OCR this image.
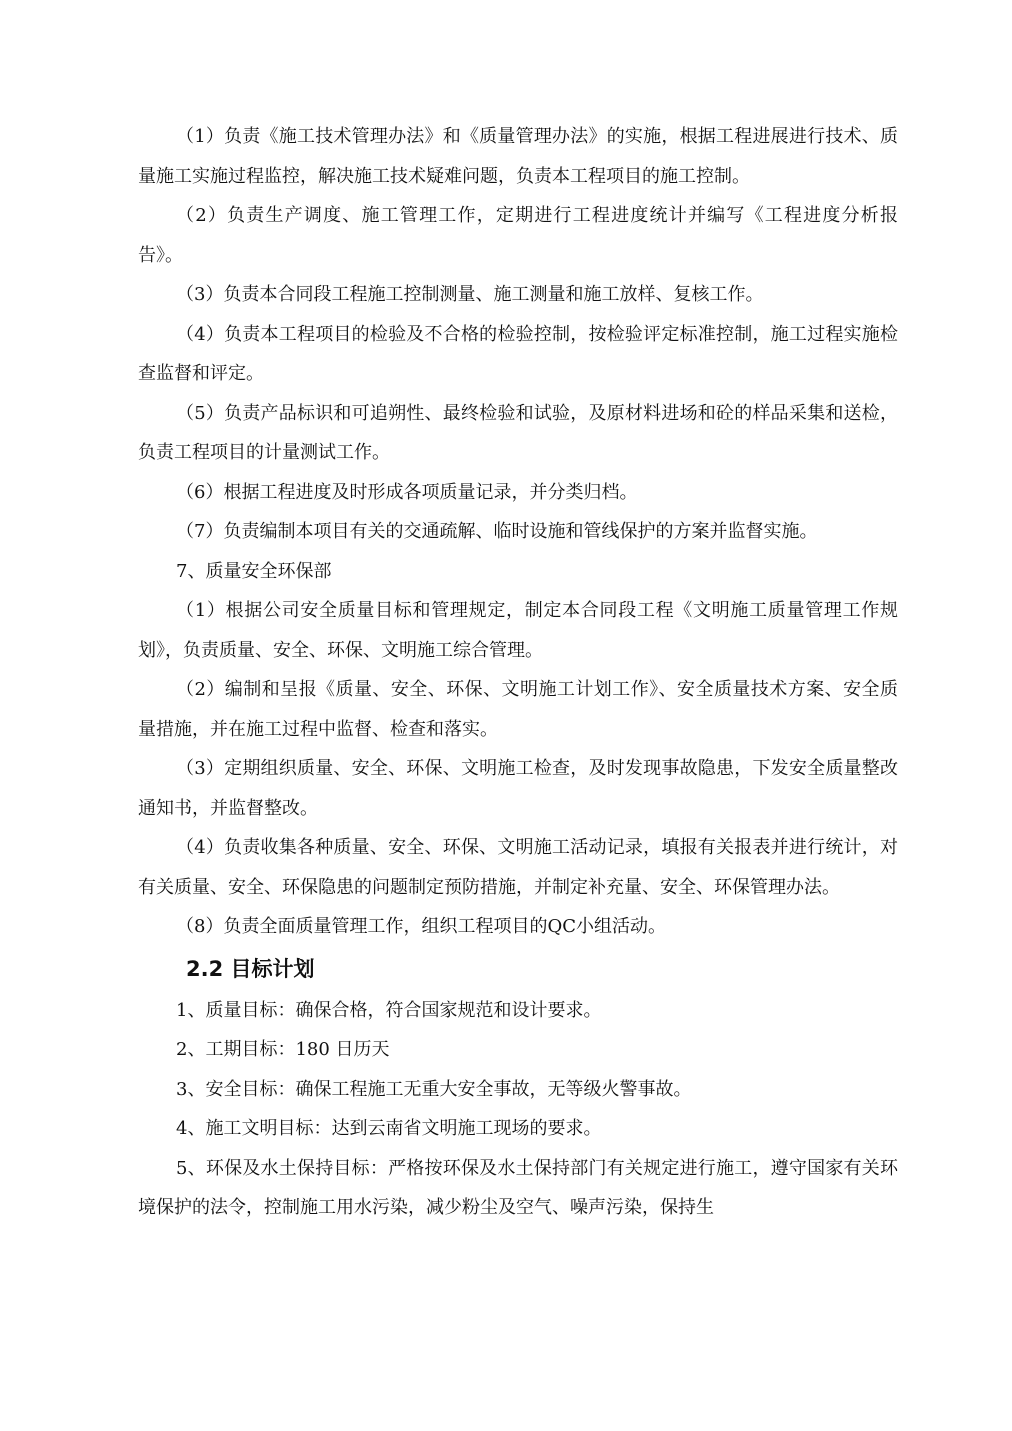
（1）负责《施工技术管理办法》和《质量管理办法》的实施，根据工程进展进行技术、质量施工实施过程监控，解决施工技术疑难问题，负责本工程项目的施工控制。

（2）负责生产调度、施工管理工作，定期进行工程进度统计并编写《工程进度分析报告》。

（3）负责本合同段工程施工控制测量、施工测量和施工放样、复核工作。

（4）负责本工程项目的检验及不合格的检验控制，按检验评定标准控制，施工过程实施检查监督和评定。

（5）负责产品标识和可追朔性、最终检验和试验，及原材料进场和砼的样品采集和送检，负责工程项目的计量测试工作。

（6）根据工程进度及时形成各项质量记录，并分类归档。

（7）负责编制本项目有关的交通疏解、临时设施和管线保护的方案并监督实施。

7、质量安全环保部

（1）根据公司安全质量目标和管理规定，制定本合同段工程《文明施工质量管理工作规划》，负责质量、安全、环保、文明施工综合管理。

（2）编制和呈报《质量、安全、环保、文明施工计划工作》、安全质量技术方案、安全质量措施，并在施工过程中监督、检查和落实。

（3）定期组织质量、安全、环保、文明施工检查，及时发现事故隐患，下发安全质量整改通知书，并监督整改。

（4）负责收集各种质量、安全、环保、文明施工活动记录，填报有关报表并进行统计，对有关质量、安全、环保隐患的问题制定预防措施，并制定补充量、安全、环保管理办法。

（8）负责全面质量管理工作，组织工程项目的QC小组活动。

2.2 目标计划

1、质量目标：确保合格，符合国家规范和设计要求。

2、工期目标：180 日历天

3、安全目标：确保工程施工无重大安全事故，无等级火警事故。

4、施工文明目标：达到云南省文明施工现场的要求。

5、环保及水土保持目标：严格按环保及水土保持部门有关规定进行施工，遵守国家有关环境保护的法令，控制施工用水污染，减少粉尘及空气、噪声污染，保持生
